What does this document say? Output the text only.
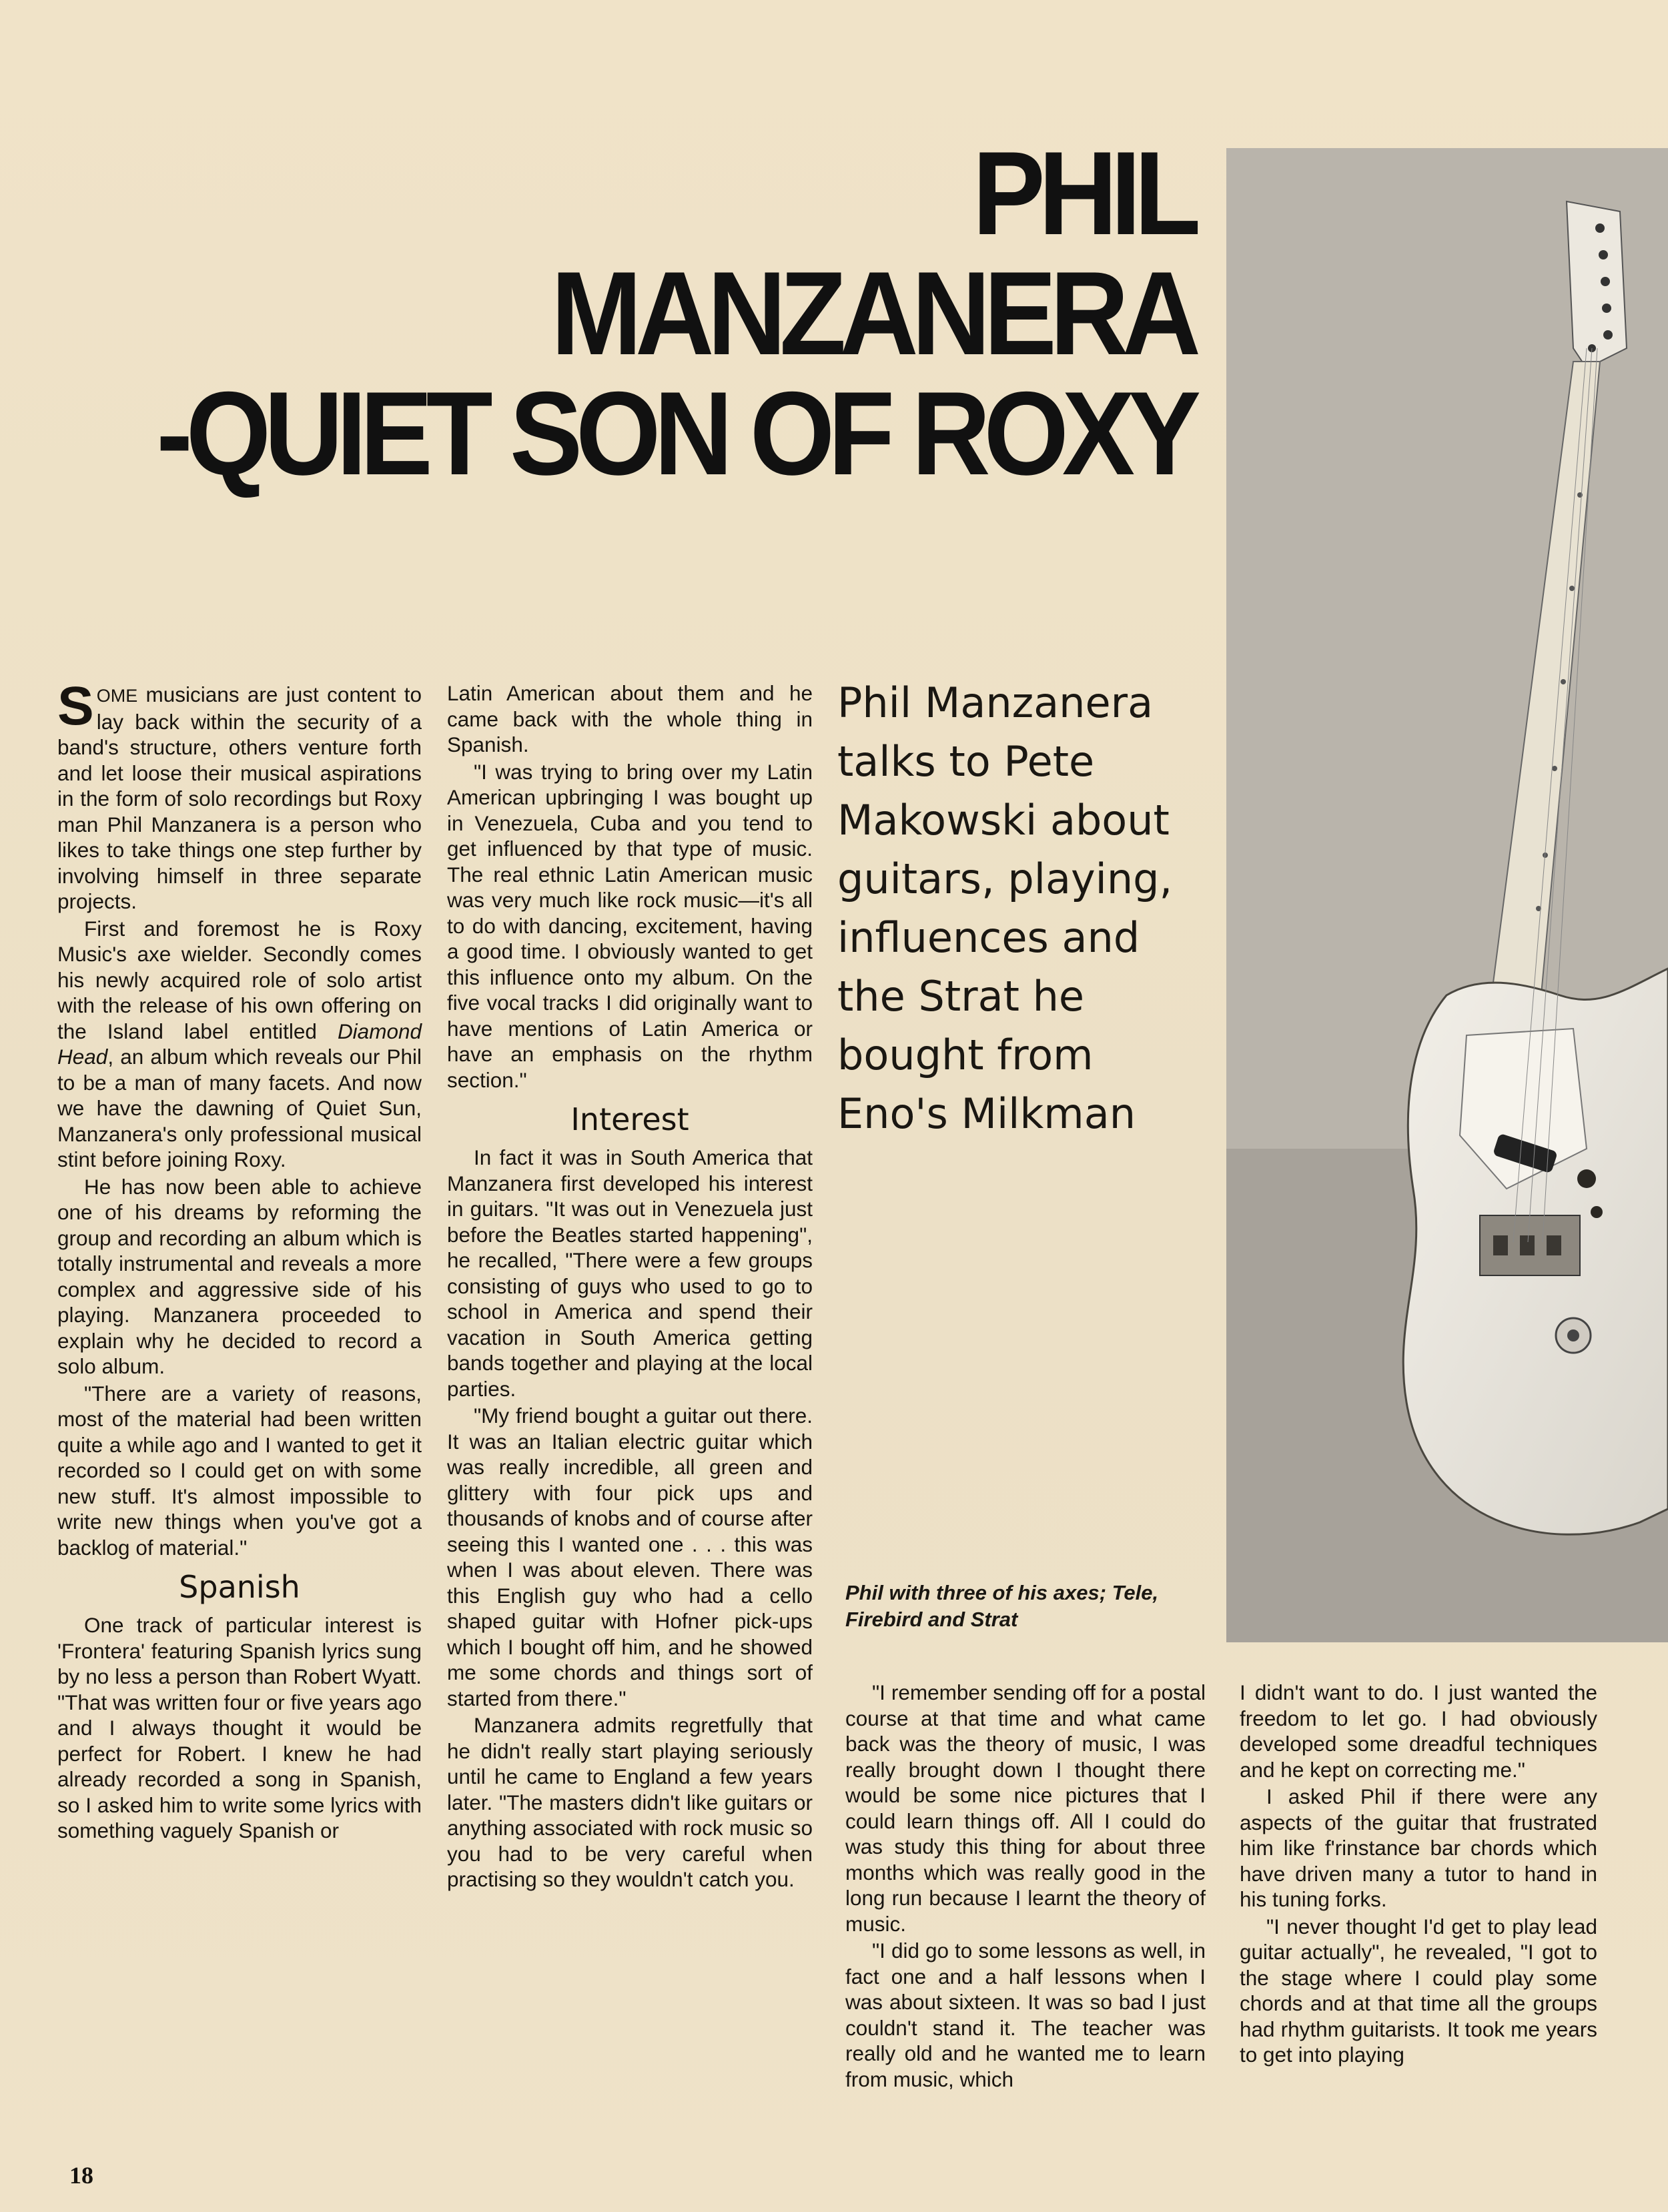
PHIL
MANZANERA
-QUIET SON OF ROXY

Phil Manzanera talks to Pete Makowski about guitars, playing, influences and the Strat he bought from Eno's Milkman

Phil with three of his axes; Tele, Firebird and Strat

SOME musicians are just content to lay back within the security of a band's structure, others venture forth and let loose their musical aspirations in the form of solo recordings but Roxy man Phil Manzanera is a person who likes to take things one step further by involving himself in three separate projects.

First and foremost he is Roxy Music's axe wielder. Secondly comes his newly acquired role of solo artist with the release of his own offering on the Island label entitled Diamond Head, an album which reveals our Phil to be a man of many facets. And now we have the dawning of Quiet Sun, Manzanera's only professional musical stint before joining Roxy.

He has now been able to achieve one of his dreams by reforming the group and recording an album which is totally instrumental and reveals a more complex and aggressive side of his playing. Manzanera proceeded to explain why he decided to record a solo album.

"There are a variety of reasons, most of the material had been written quite a while ago and I wanted to get it recorded so I could get on with some new stuff. It's almost impossible to write new things when you've got a backlog of material."

Spanish

One track of particular interest is 'Frontera' featuring Spanish lyrics sung by no less a person than Robert Wyatt. "That was written four or five years ago and I always thought it would be perfect for Robert. I knew he had already recorded a song in Spanish, so I asked him to write some lyrics with something vaguely Spanish or

Latin American about them and he came back with the whole thing in Spanish.

"I was trying to bring over my Latin American upbringing I was bought up in Venezuela, Cuba and you tend to get influenced by that type of music. The real ethnic Latin American music was very much like rock music—it's all to do with dancing, excitement, having a good time. I obviously wanted to get this influence onto my album. On the five vocal tracks I did originally want to have mentions of Latin America or have an emphasis on the rhythm section."

Interest

In fact it was in South America that Manzanera first developed his interest in guitars. "It was out in Venezuela just before the Beatles started happening", he recalled, "There were a few groups consisting of guys who used to go to school in America and spend their vacation in South America getting bands together and playing at the local parties.

"My friend bought a guitar out there. It was an Italian electric guitar which was really incredible, all green and glittery with four pick ups and thousands of knobs and of course after seeing this I wanted one . . . this was when I was about eleven. There was this English guy who had a cello shaped guitar with Hofner pick-ups which I bought off him, and he showed me some chords and things sort of started from there."

Manzanera admits regretfully that he didn't really start playing seriously until he came to England a few years later. "The masters didn't like guitars or anything associated with rock music so you had to be very careful when practising so they wouldn't catch you.

"I remember sending off for a postal course at that time and what came back was the theory of music, I was really brought down I thought there would be some nice pictures that I could learn things off. All I could do was study this thing for about three months which was really good in the long run because I learnt the theory of music.

"I did go to some lessons as well, in fact one and a half lessons when I was about sixteen. It was so bad I just couldn't stand it. The teacher was really old and he wanted me to learn from music, which

I didn't want to do. I just wanted the freedom to let go. I had obviously developed some dreadful techniques and he kept on correcting me."

I asked Phil if there were any aspects of the guitar that frustrated him like f'rinstance bar chords which have driven many a tutor to hand in his tuning forks.

"I never thought I'd get to play lead guitar actually", he revealed, "I got to the stage where I could play some chords and at that time all the groups had rhythm guitarists. It took me years to get into playing

18
